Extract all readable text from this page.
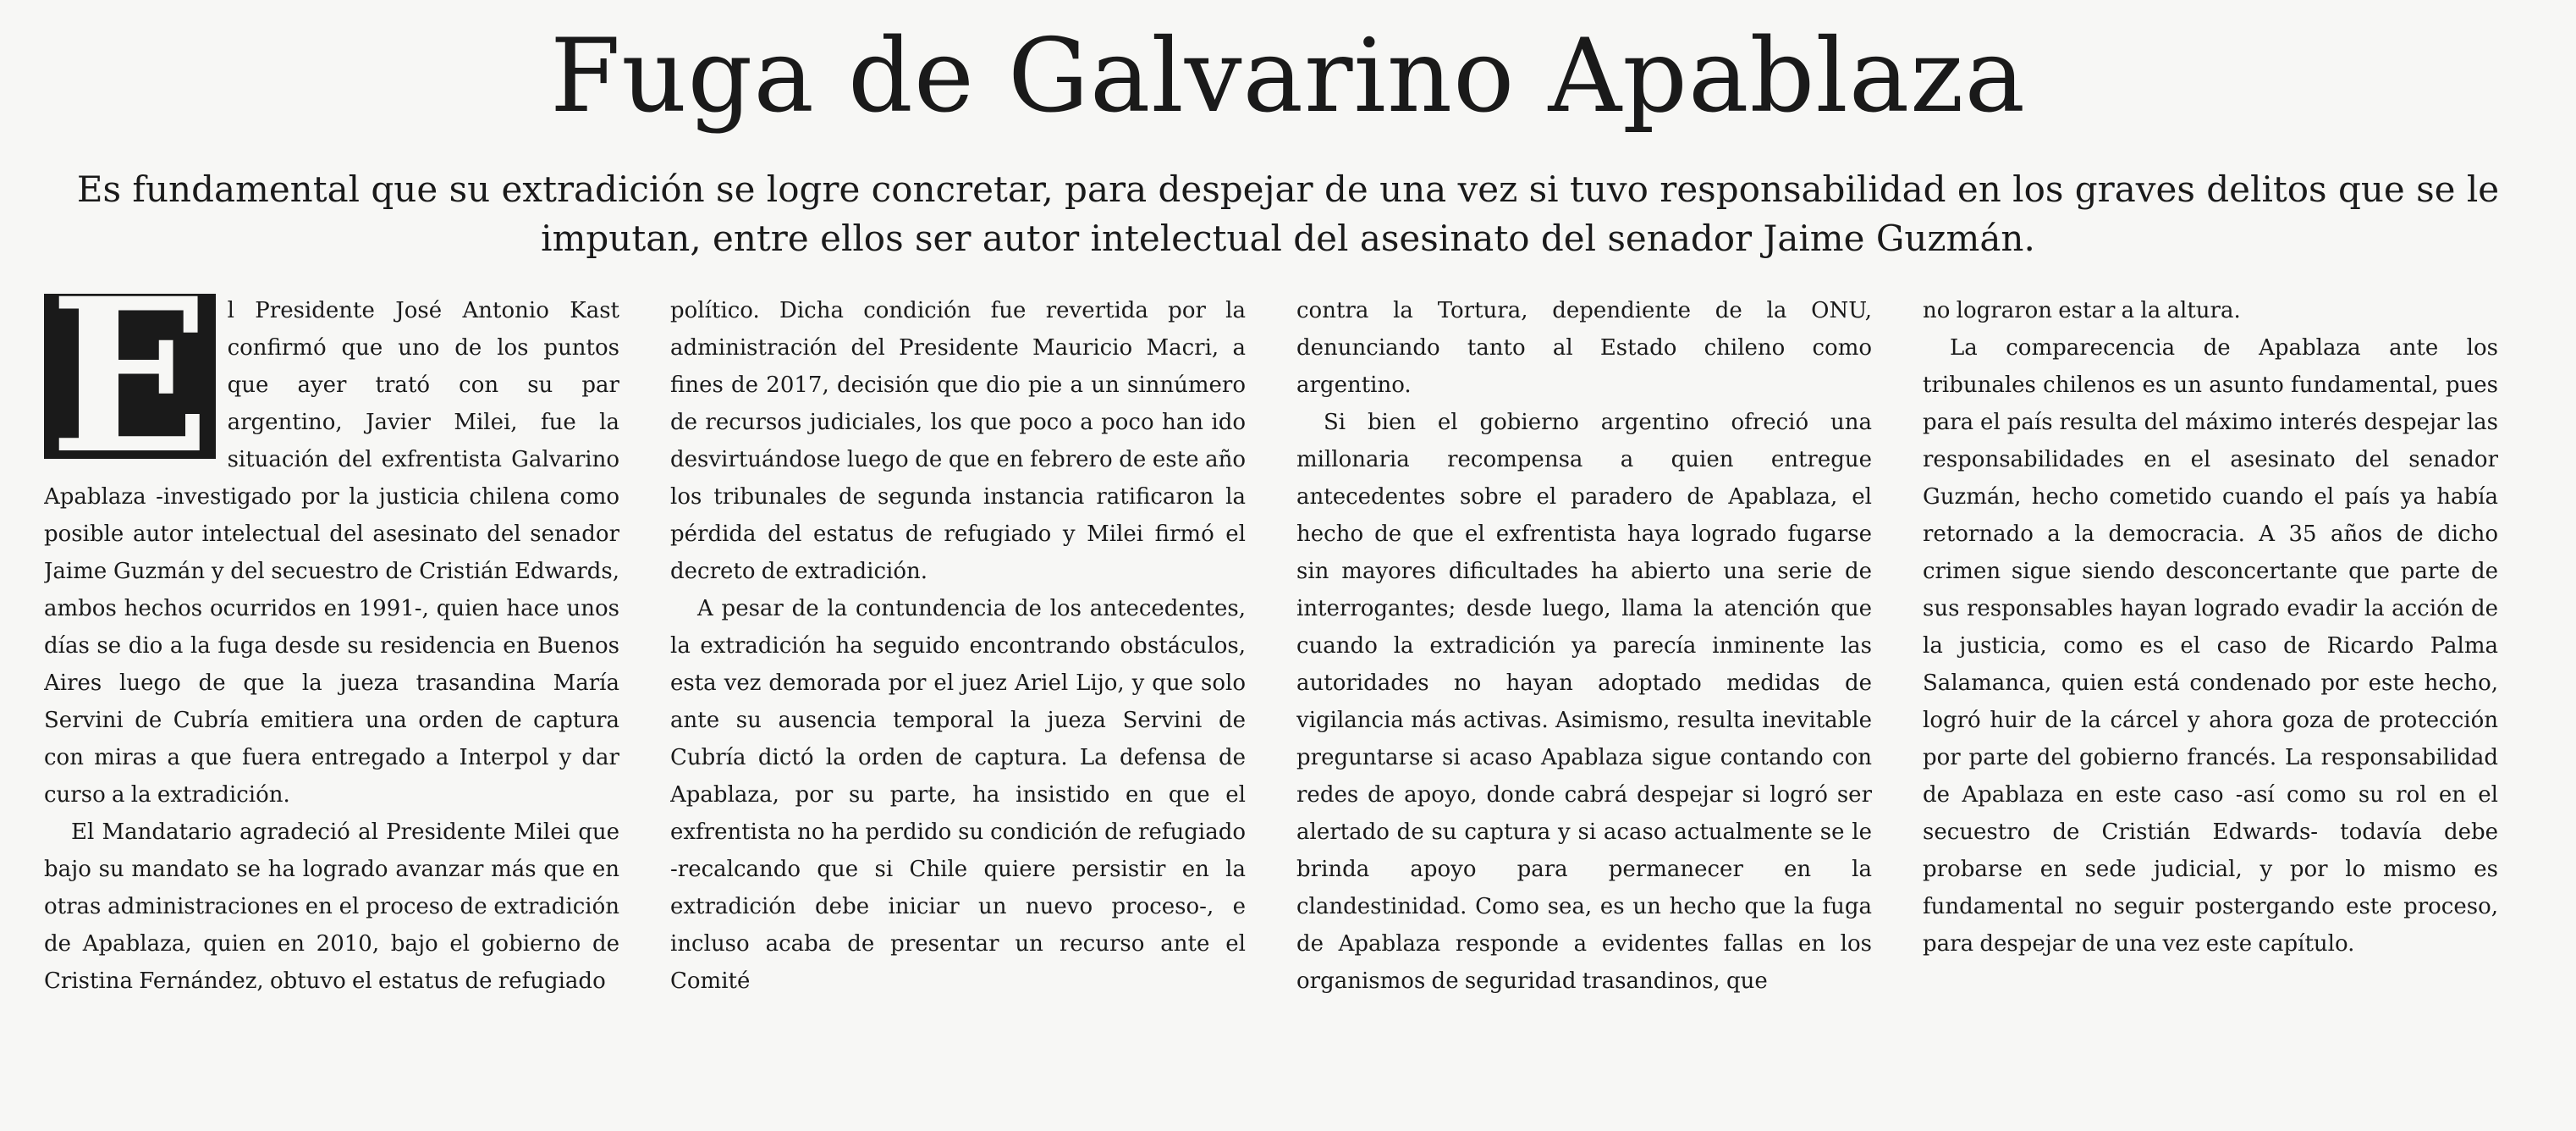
Fuga de Galvarino Apablaza

Es fundamental que su extradición se logre concretar, para despejar de una vez si tuvo responsabilidad en los graves delitos que se le imputan, entre ellos ser autor intelectual del asesinato del senador Jaime Guzmán.

E l Presidente José Antonio Kast confirmó que uno de los puntos que ayer trató con su par argentino, Javier Milei, fue la situación del exfrentista Galvarino Apablaza -investigado por la justicia chilena como posible autor intelectual del asesinato del senador Jaime Guzmán y del secuestro de Cristián Edwards, ambos hechos ocurridos en 1991-, quien hace unos días se dio a la fuga desde su residencia en Buenos Aires luego de que la jueza trasandina María Servini de Cubría emitiera una orden de captura con miras a que fuera entregado a Interpol y dar curso a la extradición.

El Mandatario agradeció al Presidente Milei que bajo su mandato se ha logrado avanzar más que en otras administraciones en el proceso de extradición de Apablaza, quien en 2010, bajo el gobierno de Cristina Fernández, obtuvo el estatus de refugiado

político. Dicha condición fue revertida por la administración del Presidente Mauricio Macri, a fines de 2017, decisión que dio pie a un sinnúmero de recursos judiciales, los que poco a poco han ido desvirtuándose luego de que en febrero de este año los tribunales de segunda instancia ratificaron la pérdida del estatus de refugiado y Milei firmó el decreto de extradición.

A pesar de la contundencia de los antecedentes, la extradición ha seguido encontrando obstáculos, esta vez demorada por el juez Ariel Lijo, y que solo ante su ausencia temporal la jueza Servini de Cubría dictó la orden de captura. La defensa de Apablaza, por su parte, ha insistido en que el exfrentista no ha perdido su condición de refugiado -recalcando que si Chile quiere persistir en la extradición debe iniciar un nuevo proceso-, e incluso acaba de presentar un recurso ante el Comité

contra la Tortura, dependiente de la ONU, denunciando tanto al Estado chileno como argentino.

Si bien el gobierno argentino ofreció una millonaria recompensa a quien entregue antecedentes sobre el paradero de Apablaza, el hecho de que el exfrentista haya logrado fugarse sin mayores dificultades ha abierto una serie de interrogantes; desde luego, llama la atención que cuando la extradición ya parecía inminente las autoridades no hayan adoptado medidas de vigilancia más activas. Asimismo, resulta inevitable preguntarse si acaso Apablaza sigue contando con redes de apoyo, donde cabrá despejar si logró ser alertado de su captura y si acaso actualmente se le brinda apoyo para permanecer en la clandestinidad. Como sea, es un hecho que la fuga de Apablaza responde a evidentes fallas en los organismos de seguridad trasandinos, que

no lograron estar a la altura.

La comparecencia de Apablaza ante los tribunales chilenos es un asunto fundamental, pues para el país resulta del máximo interés despejar las responsabilidades en el asesinato del senador Guzmán, hecho cometido cuando el país ya había retornado a la democracia. A 35 años de dicho crimen sigue siendo desconcertante que parte de sus responsables hayan logrado evadir la acción de la justicia, como es el caso de Ricardo Palma Salamanca, quien está condenado por este hecho, logró huir de la cárcel y ahora goza de protección por parte del gobierno francés. La responsabilidad de Apablaza en este caso -así como su rol en el secuestro de Cristián Edwards- todavía debe probarse en sede judicial, y por lo mismo es fundamental no seguir postergando este proceso, para despejar de una vez este capítulo.
